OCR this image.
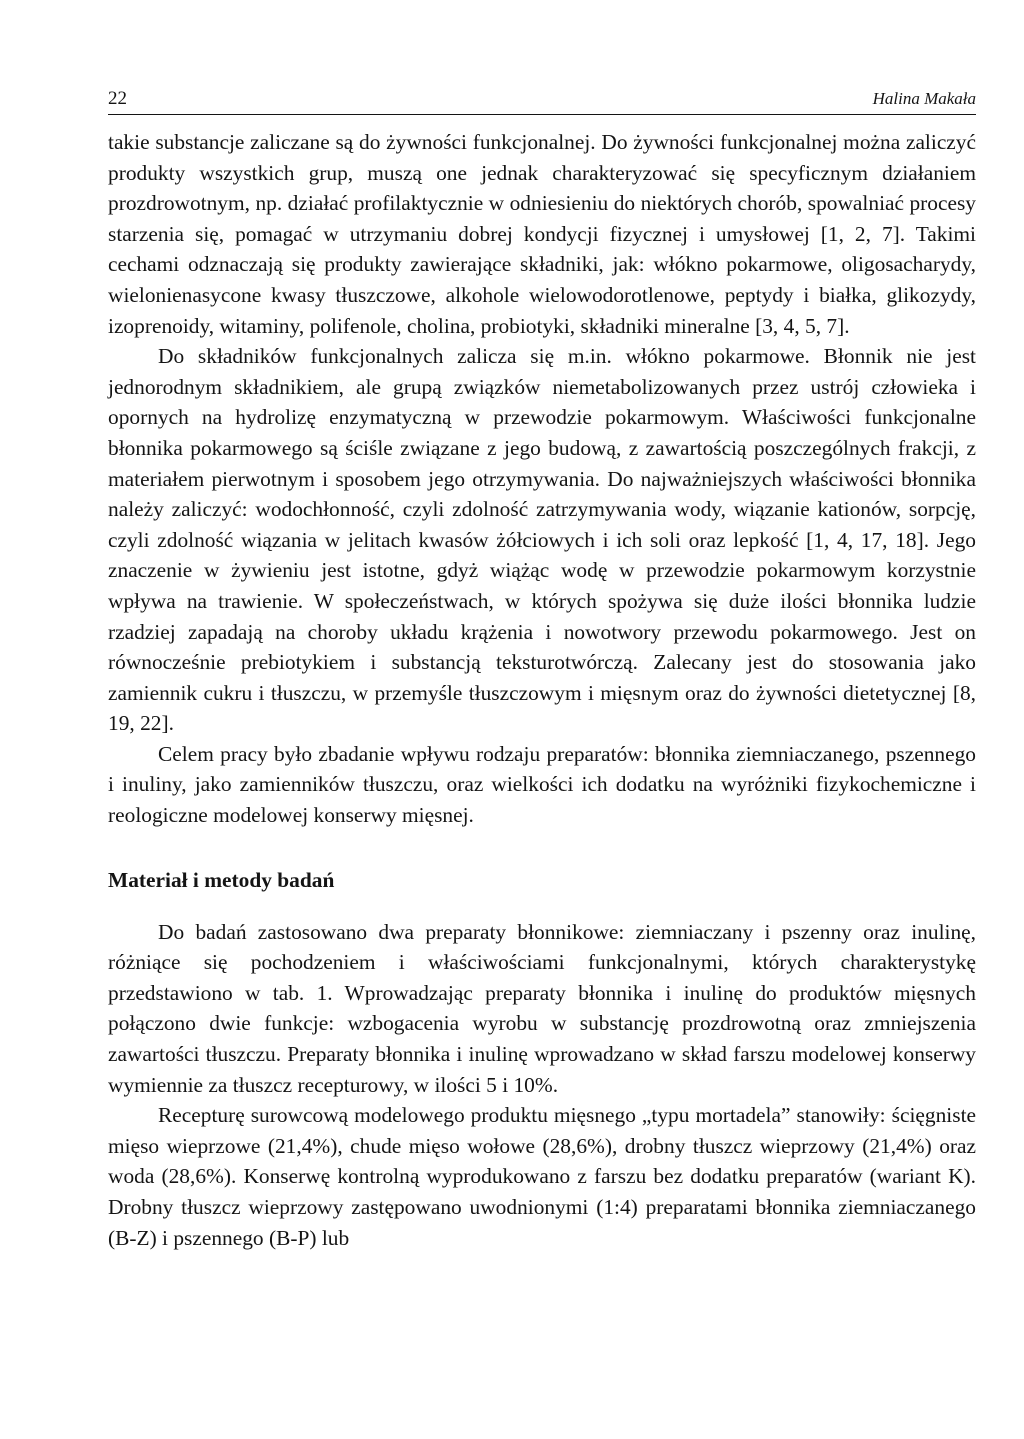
22	Halina Makała

takie substancje zaliczane są do żywności funkcjonalnej. Do żywności funkcjonalnej można zaliczyć produkty wszystkich grup, muszą one jednak charakteryzować się specyficznym działaniem prozdrowotnym, np. działać profilaktycznie w odniesieniu do niektórych chorób, spowalniać procesy starzenia się, pomagać w utrzymaniu dobrej kondycji fizycznej i umysłowej [1, 2, 7]. Takimi cechami odznaczają się produkty zawierające składniki, jak: włókno pokarmowe, oligosacharydy, wielonienasycone kwasy tłuszczowe, alkohole wielowodorotlenowe, peptydy i białka, glikozydy, izoprenoidy, witaminy, polifenole, cholina, probiotyki, składniki mineralne [3, 4, 5, 7].

Do składników funkcjonalnych zalicza się m.in. włókno pokarmowe. Błonnik nie jest jednorodnym składnikiem, ale grupą związków niemetabolizowanych przez ustrój człowieka i opornych na hydrolizę enzymatyczną w przewodzie pokarmowym. Właściwości funkcjonalne błonnika pokarmowego są ściśle związane z jego budową, z zawartością poszczególnych frakcji, z materiałem pierwotnym i sposobem jego otrzymywania. Do najważniejszych właściwości błonnika należy zaliczyć: wodochłonność, czyli zdolność zatrzymywania wody, wiązanie kationów, sorpcję, czyli zdolność wiązania w jelitach kwasów żółciowych i ich soli oraz lepkość [1, 4, 17, 18]. Jego znaczenie w żywieniu jest istotne, gdyż wiążąc wodę w przewodzie pokarmowym korzystnie wpływa na trawienie. W społeczeństwach, w których spożywa się duże ilości błonnika ludzie rzadziej zapadają na choroby układu krążenia i nowotwory przewodu pokarmowego. Jest on równocześnie prebiotykiem i substancją teksturotwórczą. Zalecany jest do stosowania jako zamiennik cukru i tłuszczu, w przemyśle tłuszczowym i mięsnym oraz do żywności dietetycznej [8, 19, 22].

Celem pracy było zbadanie wpływu rodzaju preparatów: błonnika ziemniaczanego, pszennego i inuliny, jako zamienników tłuszczu, oraz wielkości ich dodatku na wyróżniki fizykochemiczne i reologiczne modelowej konserwy mięsnej.

Materiał i metody badań

Do badań zastosowano dwa preparaty błonnikowe: ziemniaczany i pszenny oraz inulinę, różniące się pochodzeniem i właściwościami funkcjonalnymi, których charakterystykę przedstawiono w tab. 1. Wprowadzając preparaty błonnika i inulinę do produktów mięsnych połączono dwie funkcje: wzbogacenia wyrobu w substancję prozdrowotną oraz zmniejszenia zawartości tłuszczu. Preparaty błonnika i inulinę wprowadzano w skład farszu modelowej konserwy wymiennie za tłuszcz recepturowy, w ilości 5 i 10%.

Recepturę surowcową modelowego produktu mięsnego „typu mortadela” stanowiły: ścięgniste mięso wieprzowe (21,4%), chude mięso wołowe (28,6%), drobny tłuszcz wieprzowy (21,4%) oraz woda (28,6%). Konserwę kontrolną wyprodukowano z farszu bez dodatku preparatów (wariant K). Drobny tłuszcz wieprzowy zastępowano uwodnionymi (1:4) preparatami błonnika ziemniaczanego (B-Z) i pszennego (B-P) lub
